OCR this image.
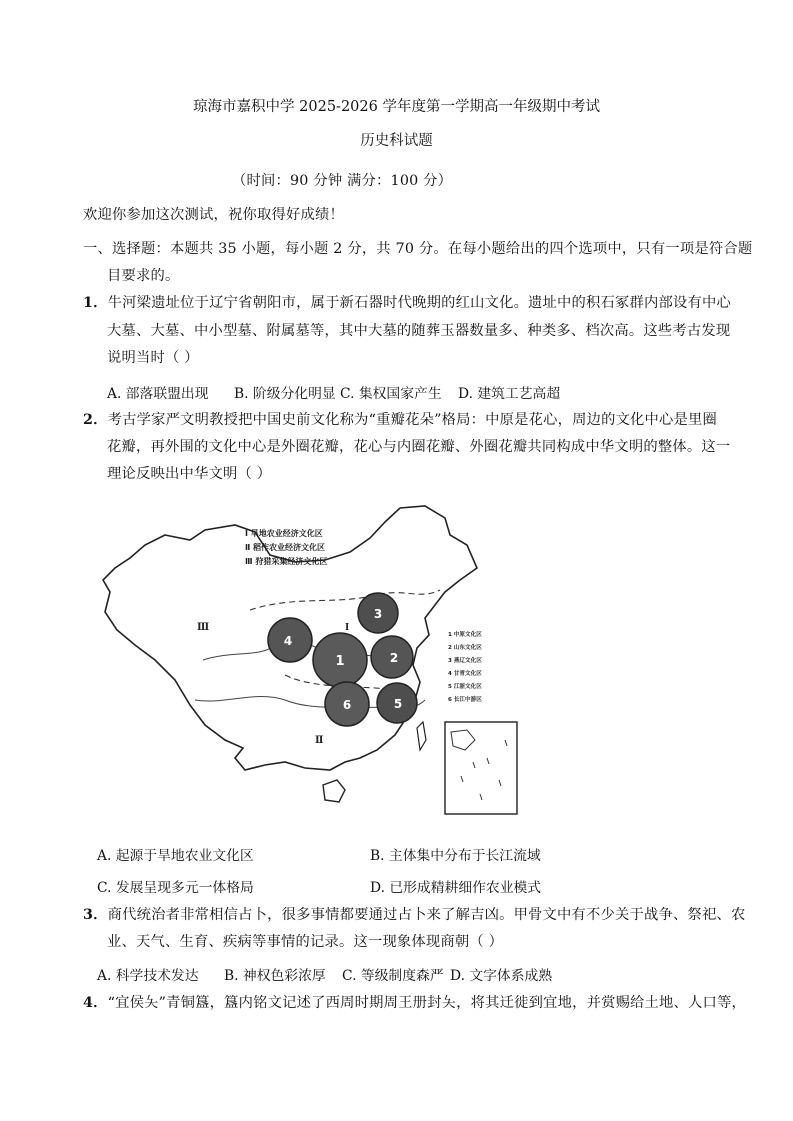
琼海市嘉积中学 2025-2026 学年度第一学期高一年级期中考试
历史科试题
（时间：90 分钟 满分：100 分）
欢迎你参加这次测试，祝你取得好成绩！
一、选择题：本题共 35 小题，每小题 2 分，共 70 分。在每小题给出的四个选项中，只有一项是符合题
目要求的。
1．牛河梁遗址位于辽宁省朝阳市，属于新石器时代晚期的红山文化。遗址中的积石冢群内部设有中心
大墓、大墓、中小型墓、附属墓等，其中大墓的随葬玉器数量多、种类多、档次高。这些考古发现
说明当时（ ）
A. 部落联盟出现 B. 阶级分化明显 C. 集权国家产生 D. 建筑工艺高超
2．考古学家严文明教授把中国史前文化称为“重瓣花朵”格局：中原是花心，周边的文化中心是里圈
花瓣，再外围的文化中心是外圈花瓣，花心与内圈花瓣、外圈花瓣共同构成中华文明的整体。这一
理论反映出中华文明（ ）
1	2
3
4
5
6
Ⅲ	Ⅰ
Ⅱ
Ⅰ 旱地农业经济文化区
Ⅱ 稻作农业经济文化区
Ⅲ 狩猎采集经济文化区
1 中原文化区
2 山东文化区
3 燕辽文化区
4 甘青文化区
5 江浙文化区
6 长江中游区
A. 起源于旱地农业文化区	B. 主体集中分布于长江流域
C. 发展呈现多元一体格局	D. 已形成精耕细作农业模式
3．商代统治者非常相信占卜，很多事情都要通过占卜来了解吉凶。甲骨文中有不少关于战争、祭祀、农
业、天气、生育、疾病等事情的记录。这一现象体现商朝（ ）
A. 科学技术发达 B. 神权色彩浓厚 C. 等级制度森严 D. 文字体系成熟
4．“宜侯夨”青铜簋，簋内铭文记述了西周时期周王册封夨，将其迁徙到宜地，并赏赐给土地、人口等，
